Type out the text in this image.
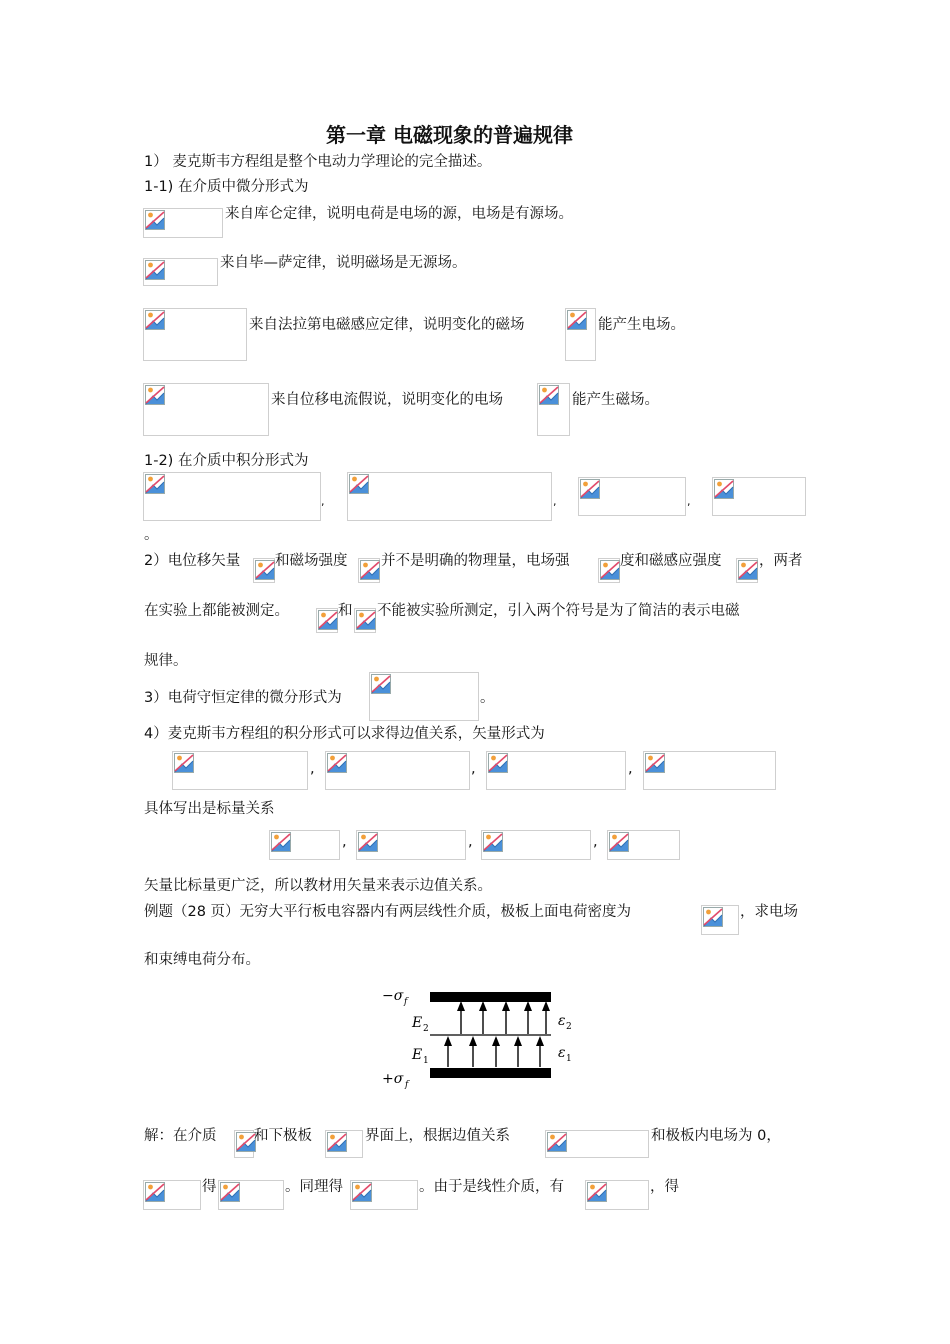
第一章 电磁现象的普遍规律
1） 麦克斯韦方程组是整个电动力学理论的完全描述。
1-1) 在介质中微分形式为
来自库仑定律，说明电荷是电场的源，电场是有源场。
来自毕—萨定律，说明磁场是无源场。
来自法拉第电磁感应定律，说明变化的磁场	能产生电场。
来自位移电流假说，说明变化的电场	能产生磁场。
1-2) 在介质中积分形式为
,	,	,
。
2）电位移矢量 和磁场强度 并不是明确的物理量，电场强	度和磁感应强度	，两者
在实验上都能被测定。	和 不能被实验所测定，引入两个符号是为了简洁的表示电磁
规律。
3）电荷守恒定律的微分形式为	。
4）麦克斯韦方程组的积分形式可以求得边值关系，矢量形式为
,	,	,
具体写出是标量关系
,	,	,
矢量比标量更广泛，所以教材用矢量来表示边值关系。
例题（28 页）无穷大平行板电容器内有两层线性介质，极板上面电荷密度为	，求电场
和束缚电荷分布。
−σ f
E 2
E 1
+σ f
ε 2
ε 1
解：在介质	和下极板	界面上，根据边值关系	和极板内电场为 0，
得	。同理得	。由于是线性介质，有	，得
